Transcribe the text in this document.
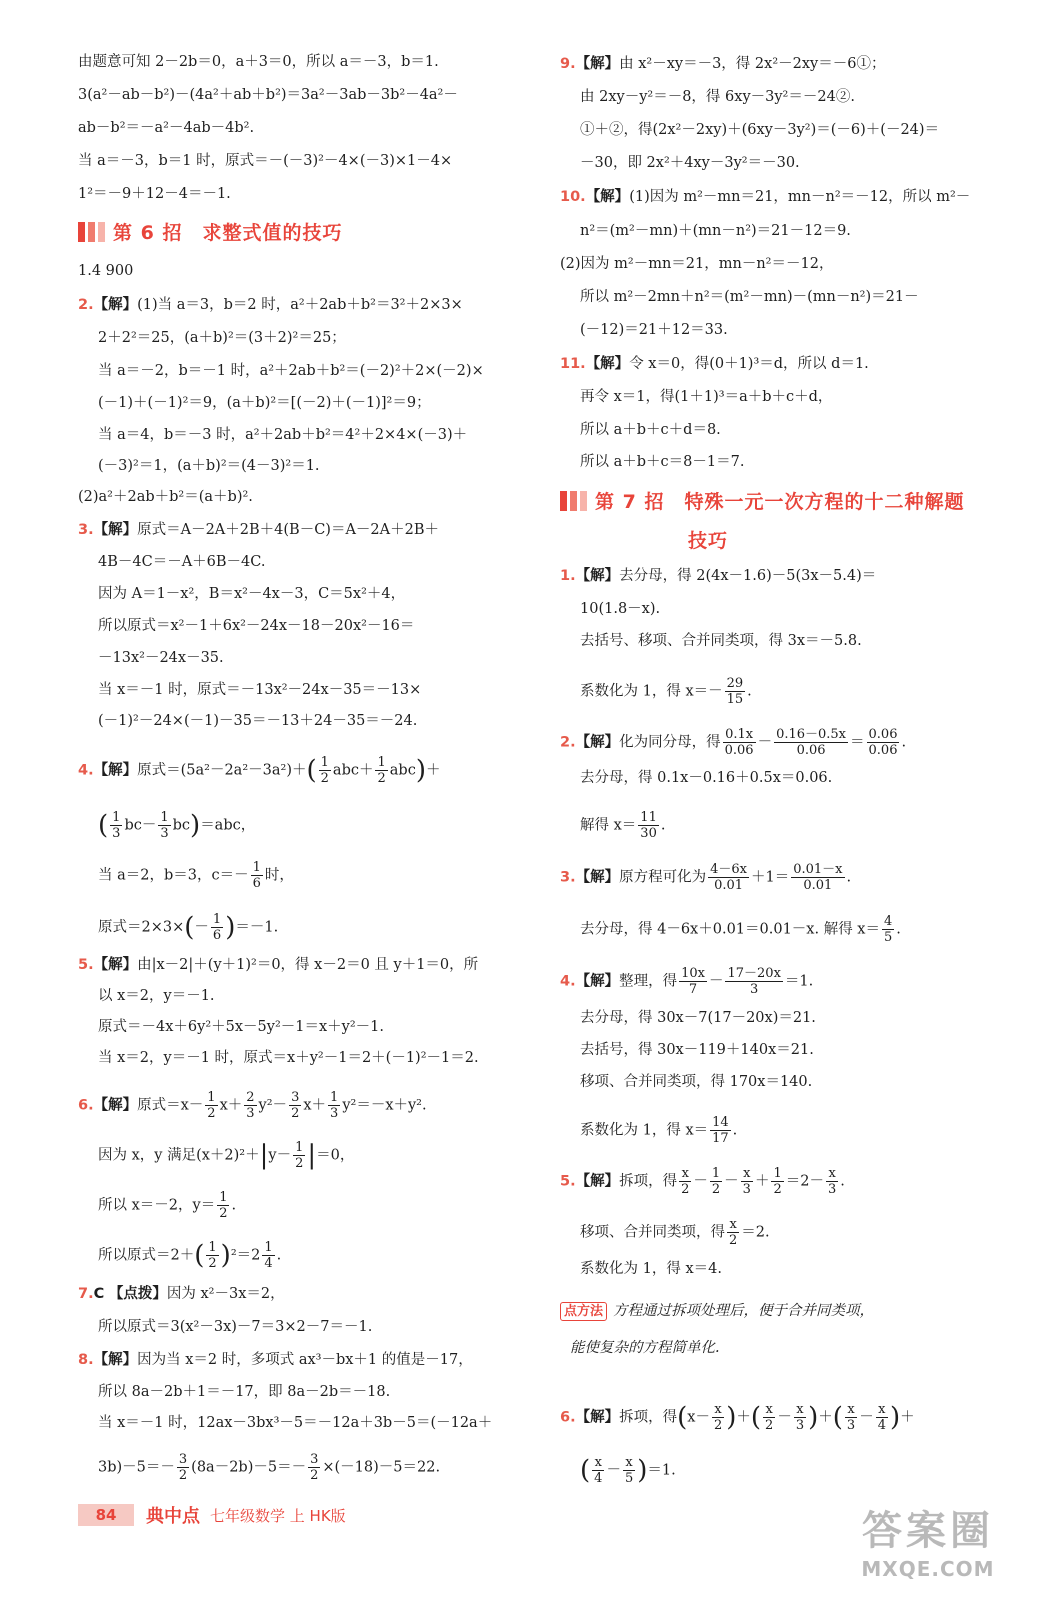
由题意可知 2－2b＝0，a＋3＝0，所以 a＝－3，b＝1.
3(a²－ab－b²)－(4a²＋ab＋b²)＝3a²－3ab－3b²－4a²－
ab－b²＝－a²－4ab－4b².
当 a＝－3，b＝1 时，原式＝－(－3)²－4×(－3)×1－4×
1²＝－9＋12－4＝－1.
第 6 招　求整式值的技巧
1.4 900
2.【解】(1)当 a＝3，b＝2 时，a²＋2ab＋b²＝3²＋2×3×
2＋2²＝25，(a＋b)²＝(3＋2)²＝25；
当 a＝－2，b＝－1 时，a²＋2ab＋b²＝(－2)²＋2×(－2)×
(－1)＋(－1)²＝9，(a＋b)²＝[(－2)＋(－1)]²＝9；
当 a＝4，b＝－3 时，a²＋2ab＋b²＝4²＋2×4×(－3)＋
(－3)²＝1，(a＋b)²＝(4－3)²＝1.
(2)a²＋2ab＋b²＝(a＋b)².
3.【解】原式＝A－2A＋2B＋4(B－C)＝A－2A＋2B＋
4B－4C＝－A＋6B－4C.
因为 A＝1－x²，B＝x²－4x－3，C＝5x²＋4，
所以原式＝x²－1＋6x²－24x－18－20x²－16＝
－13x²－24x－35.
当 x＝－1 时，原式＝－13x²－24x－35＝－13×
(－1)²－24×(－1)－35＝－13＋24－35＝－24.
4.【解】原式$=(5a^2-2a^2-3a^2)+( \frac{1}{2} abc+ \frac{1}{2} abc)+$
( $\frac{1}{3} bc- \frac{1}{3} bc)=abc$，
当 a＝2，b＝3，$c=- \frac{1}{6}$ 时，
原式$=2\times 3\times(- \frac{1}{6} )=-1$.
5.【解】由|x－2|＋(y＋1)²＝0，得 x－2＝0 且 y＋1＝0，所
以 x＝2，y＝－1.
原式＝－4x＋6y²＋5x－5y²－1＝x＋y²－1.
当 x＝2，y＝－1 时，原式＝x＋y²－1＝2＋(－1)²－1＝2.
6.【解】原式$=x- \frac{1}{2} x+ \frac{2}{3} y^2- \frac{3}{2} x+ \frac{1}{3} y^2=-x+y^2$.
因为 x，y 满足$(x+2)^2+|y- \frac{1}{2} |=0$，
所以 x＝－2，$y= \frac{1}{2}$ .
所以原式$=2+( \frac{1}{2} )^2=2 \frac{1}{4}$ .
7.C 【点拨】因为 x²－3x＝2，
所以原式＝3(x²－3x)－7＝3×2－7＝－1.
8.【解】因为当 x＝2 时，多项式 ax³－bx＋1 的值是－17，
所以 8a－2b＋1＝－17，即 8a－2b＝－18.
当 x＝－1 时，12ax－3bx³－5＝－12a＋3b－5＝(－12a＋
$3b)-5=- \frac{3}{2} (8a-2b)-5=- \frac{3}{2} \times(-18)-5=22$.
9.【解】由 x²－xy＝－3，得 2x²－2xy＝－6①；
由 2xy－y²＝－8，得 6xy－3y²＝－24②.
①＋②，得(2x²－2xy)＋(6xy－3y²)＝(－6)＋(－24)＝
－30，即 2x²＋4xy－3y²＝－30.
10.【解】(1)因为 m²－mn＝21，mn－n²＝－12，所以 m²－
n²＝(m²－mn)＋(mn－n²)＝21－12＝9.
(2)因为 m²－mn＝21，mn－n²＝－12，
所以 m²－2mn＋n²＝(m²－mn)－(mn－n²)＝21－
(－12)＝21＋12＝33.
11.【解】令 x＝0，得(0＋1)³＝d，所以 d＝1.
再令 x＝1，得(1＋1)³＝a＋b＋c＋d，
所以 a＋b＋c＋d＝8.
所以 a＋b＋c＝8－1＝7.
第 7 招　特殊一元一次方程的十二种解题
技巧
1.【解】去分母，得 2(4x－1.6)－5(3x－5.4)＝
10(1.8－x).
去括号、移项、合并同类项，得 3x＝－5.8.
系数化为 1，得 $x=- \frac{29}{15}$ .
2.【解】化为同分母，得 $\frac{0.1x}{0.06} - \frac{0.16-0.5x}{0.06} = \frac{0.06}{0.06}$ .
去分母，得 0.1x－0.16＋0.5x＝0.06.
解得 $x= \frac{11}{30}$ .
3.【解】原方程可化为 $\frac{4-6x}{0.01} +1= \frac{0.01-x}{0.01}$ .
去分母，得 4－6x＋0.01＝0.01－x. 解得 $x= \frac{4}{5}$ .
4.【解】整理，得 $\frac{10x}{7} - \frac{17-20x}{3} =1$.
去分母，得 30x－7(17－20x)＝21.
去括号，得 30x－119＋140x＝21.
移项、合并同类项，得 170x＝140.
系数化为 1，得 $x= \frac{14}{17}$ .
5.【解】拆项，得 $\frac{x}{2} - \frac{1}{2} - \frac{x}{3} + \frac{1}{2} =2- \frac{x}{3}$ .
移项、合并同类项，得 $\frac{x}{2} =2$.
系数化为 1，得 x＝4.
点方法 方程通过拆项处理后，便于合并同类项，
能使复杂的方程简单化.
6.【解】拆项，得($x- \frac{x}{2}$ )＋( $\frac{x}{2} - \frac{x}{3}$ )＋( $\frac{x}{3} - \frac{x}{4}$ )＋
( $\frac{x}{4} - \frac{x}{5} )=1$.
84	典中点 七年级数学 上 HK版	答案圈
MXQE.COM
